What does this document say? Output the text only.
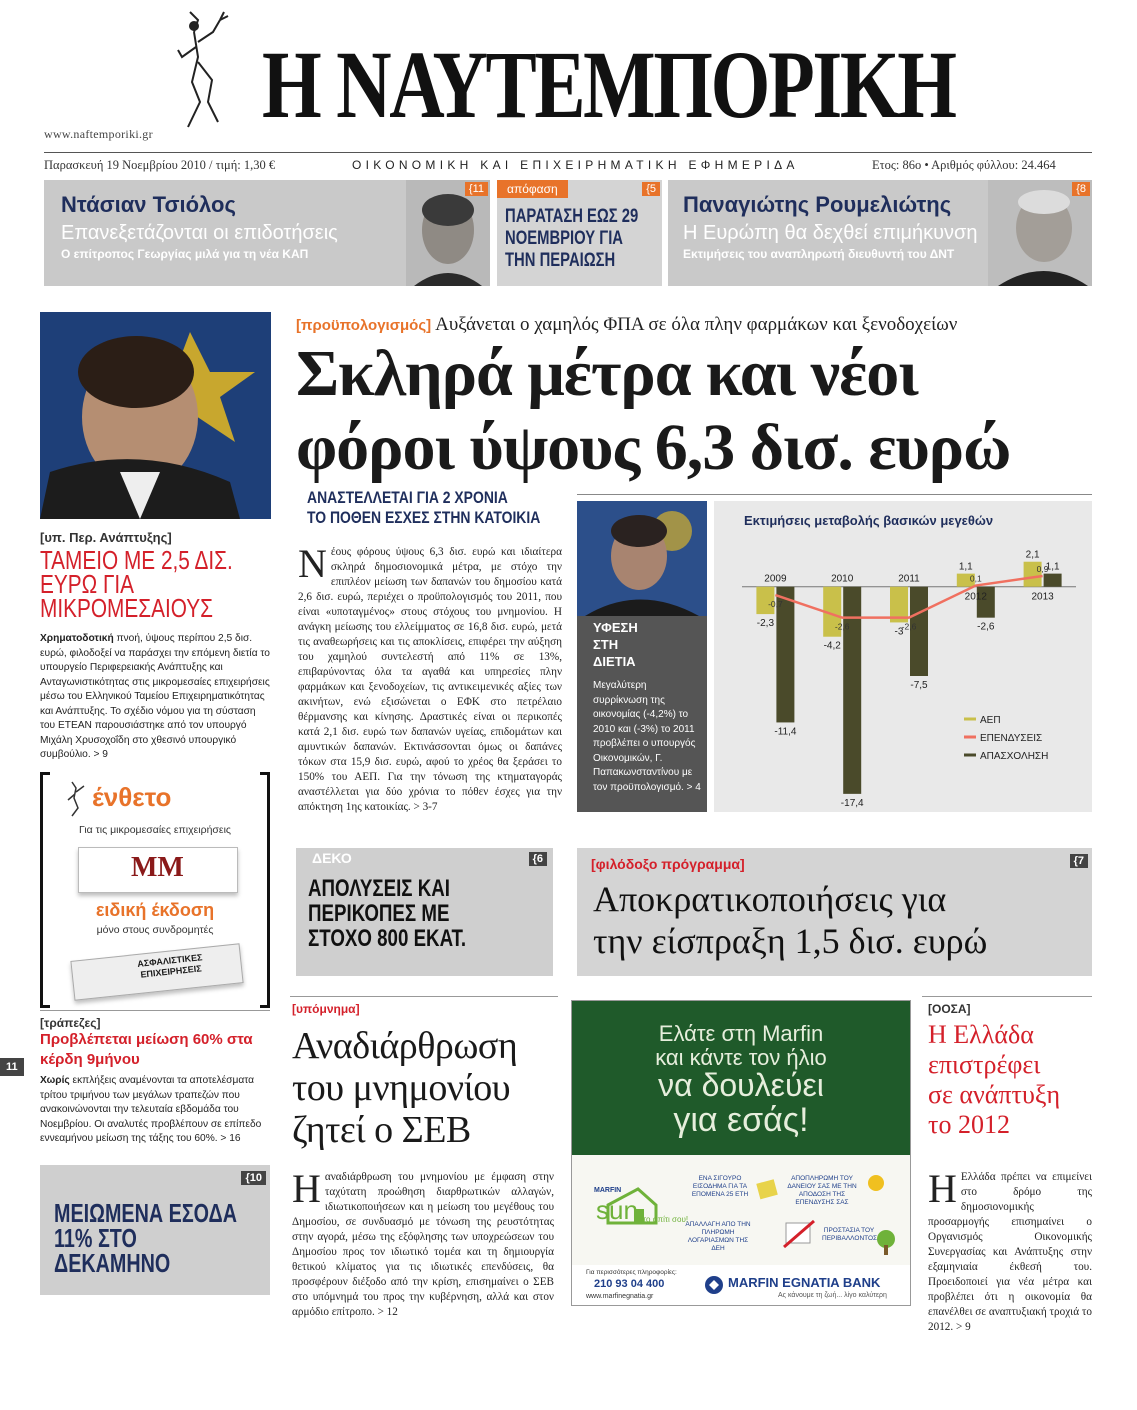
www.naftemporiki.gr Η ΝΑΥΤΕΜΠΟΡΙΚΗ
Παρασκευή 19 Νοεμβρίου 2010 / τιμή: 1,30 €	ΟΙΚΟΝΟΜΙΚΗ ΚΑΙ ΕΠΙΧΕΙΡΗΜΑΤΙΚΗ ΕΦΗΜΕΡΙΔΑ	Ετος: 86ο • Αριθμός φύλλου: 24.464
Ντάσιαν Τσιόλος
Επανεξετάζονται οι επιδοτήσεις
Ο επίτροπος Γεωργίας μιλά για τη νέα ΚΑΠ
{11	απόφαση	{5
ΠΑΡΑΤΑΣΗ ΕΩΣ 29 ΝΟΕΜΒΡΙΟΥ ΓΙΑ ΤΗΝ ΠΕΡΑΙΩΣΗ
Παναγιώτης Ρουμελιώτης
Η Ευρώπη θα δεχθεί επιμήκυνση
Εκτιμήσεις του αναπληρωτή διευθυντή του ΔΝΤ
{8
[υπ. Περ. Ανάπτυξης]
ΤΑΜΕΙΟ ΜΕ 2,5 ΔΙΣ. ΕΥΡΩ ΓΙΑ ΜΙΚΡΟΜΕΣΑΙΟΥΣ
Χρηματοδοτική πνοή, ύψους περίπου 2,5 δισ. ευρώ, φιλοδοξεί να παράσχει την επόμενη διετία το υπουργείο Περιφερειακής Ανάπτυξης και Ανταγωνιστικότητας στις μικρομεσαίες επιχειρήσεις μέσω του Ελληνικού Ταμείου Επιχειρηματικότητας και Ανάπτυξης. Το σχέδιο νόμου για τη σύσταση του ΕΤΕΑΝ παρουσιάστηκε από τον υπουργό Μιχάλη Χρυσοχοΐδη στο χθεσινό υπουργικό συμβούλιο. > 9
ένθετο
Για τις μικρομεσαίες επιχειρήσεις
MM
ειδική έκδοση
μόνο στους συνδρομητές
ΑΣΦΑΛΙΣΤΙΚΕΣ ΕΠΙΧΕΙΡΗΣΕΙΣ
[τράπεζες]
Προβλέπεται μείωση 60% στα κέρδη 9μήνου
11
Χωρίς εκπλήξεις αναμένονται τα αποτελέσματα τρίτου τριμήνου των μεγάλων τραπεζών που ανακοινώνονται την τελευταία εβδομάδα του Νοεμβρίου. Οι αναλυτές προβλέπουν σε επίπεδο εννεαμήνου μείωση της τάξης του 60%. > 16
{10
ΜΕΙΩΜΕΝΑ ΕΣΟΔΑ 11% ΣΤΟ ΔΕΚΑΜΗΝΟ
[προϋπολογισμός] Αυξάνεται ο χαμηλός ΦΠΑ σε όλα πλην φαρμάκων και ξενοδοχείων
Σκληρά μέτρα και νέοι
φόροι ύψους 6,3 δισ. ευρώ
ΑΝΑΣΤΕΛΛΕΤΑΙ ΓΙΑ 2 ΧΡΟΝΙΑ
ΤΟ ΠΟΘΕΝ ΕΣΧΕΣ ΣΤΗΝ ΚΑΤΟΙΚΙΑ
Νέους φόρους ύψους 6,3 δισ. ευρώ και ιδιαίτερα σκληρά δημοσιονομικά μέτρα, με στόχο την επιπλέον μείωση των δαπανών του δημοσίου κατά 2,6 δισ. ευρώ, περιέχει ο προϋπολογισμός του 2011, που είναι «υποταγμένος» στους στόχους του μνημονίου. Η ανάγκη μείωσης του ελλείμματος σε 16,8 δισ. ευρώ, μετά τις αναθεωρήσεις και τις αποκλίσεις, επιφέρει την αύξηση του χαμηλού συντελεστή από 11% σε 13%, επιβαρύνοντας όλα τα αγαθά και υπηρεσίες πλην φαρμάκων και ξενοδοχείων, τις αντικειμενικές αξίες των ακινήτων, ενώ εξισώνεται ο ΕΦΚ στο πετρέλαιο θέρμανσης και κίνησης. Δραστικές είναι οι περικοπές κατά 2,1 δισ. ευρώ των δαπανών υγείας, επιδομάτων και αμυντικών δαπανών. Εκτινάσσονται όμως οι δαπάνες τόκων στα 15,9 δισ. ευρώ, αφού το χρέος θα ξεράσει το 150% του ΑΕΠ. Για την τόνωση της κτηματαγοράς αναστέλλεται για δύο χρόνια το πόθεν έσχες για την απόκτηση 1ης κατοικίας. > 3-7
ΥΦΕΣΗ ΣΤΗ ΔΙΕΤΙΑ
Μεγαλύτερη συρρίκνωση της οικονομίας (-4,2%) το 2010 και (-3%) το 2011 προβλέπει ο υπουργός Οικονομικών, Γ. Παπακωνσταντίνου με τον προϋπολογισμό. > 4
Εκτιμήσεις μεταβολής βασικών μεγεθών
2009
-2,3
-11,4
2010
-4,2
-17,4
2011
-3
-7,5
2012
1,1
-2,6
2013
2,1
1,1
-0,7
-2,6	-2,6
0,1
0,9
ΑΕΠ
ΕΠΕΝΔΥΣΕΙΣ
ΑΠΑΣΧΟΛΗΣΗ
ΔΕΚΟ	{6
ΑΠΟΛΥΣΕΙΣ ΚΑΙ ΠΕΡΙΚΟΠΕΣ ΜΕ ΣΤΟΧΟ 800 ΕΚΑΤ.
[φιλόδοξο πρόγραμμα]	{7
Αποκρατικοποιήσεις για
την είσπραξη 1,5 δισ. ευρώ
[υπόμνημα]
Αναδιάρθρωση
του μνημονίου
ζητεί ο ΣΕΒ
Η αναδιάρθρωση του μνημονίου με έμφαση στην ταχύτατη προώθηση διαρθρωτικών αλλαγών, ιδιωτικοποιήσεων και η μείωση του μεγέθους του Δημοσίου, σε συνδυασμό με τόνωση της ρευστότητας στην αγορά, μέσω της εξόφλησης των υποχρεώσεων του Δημοσίου προς τον ιδιωτικό τομέα και τη δημιουργία θετικού κλίματος για τις ιδιωτικές επενδύσεις, θα προσφέρουν διέξοδο από την κρίση, επισημαίνει ο ΣΕΒ στο υπόμνημά του προς την κυβέρνηση, αλλά και στον αρμόδιο επίτροπο. > 12
Ελάτε στη Marfin
και κάντε τον ήλιο
να δουλεύει
για εσάς!
MARFIN
sun στο σπίτι σου!
ΕΝΑ ΣΙΓΟΥΡΟ ΕΙΣΟΔΗΜΑ ΓΙΑ ΤΑ ΕΠΟΜΕΝΑ 25 ΕΤΗ
ΑΠΟΠΛΗΡΩΜΗ ΤΟΥ ΔΑΝΕΙΟΥ ΣΑΣ ΜΕ ΤΗΝ ΑΠΟΔΟΣΗ ΤΗΣ ΕΠΕΝΔΥΣΗΣ ΣΑΣ
ΑΠΑΛΛΑΓΗ ΑΠΟ ΤΗΝ ΠΛΗΡΩΜΗ ΛΟΓΑΡΙΑΣΜΩΝ ΤΗΣ ΔΕΗ
ΠΡΟΣΤΑΣΙΑ ΤΟΥ ΠΕΡΙΒΑΛΛΟΝΤΟΣ
Για περισσότερες πληροφορίες:
210 93 04 400
www.marfinegnatia.gr
MARFIN EGNATIA BANK
Ας κάνουμε τη ζωή... λίγο καλύτερη
[ΟΟΣΑ]
Η Ελλάδα
επιστρέφει
σε ανάπτυξη
το 2012
Η Ελλάδα πρέπει να επιμείνει στο δρόμο της δημοσιονομικής προσαρμογής επισημαίνει ο Οργανισμός Οικονομικής Συνεργασίας και Ανάπτυξης στην εξαμηνιαία έκθεσή του. Προειδοποιεί για νέα μέτρα και προβλέπει ότι η οικονομία θα επανέλθει σε αναπτυξιακή τροχιά το 2012. > 9
